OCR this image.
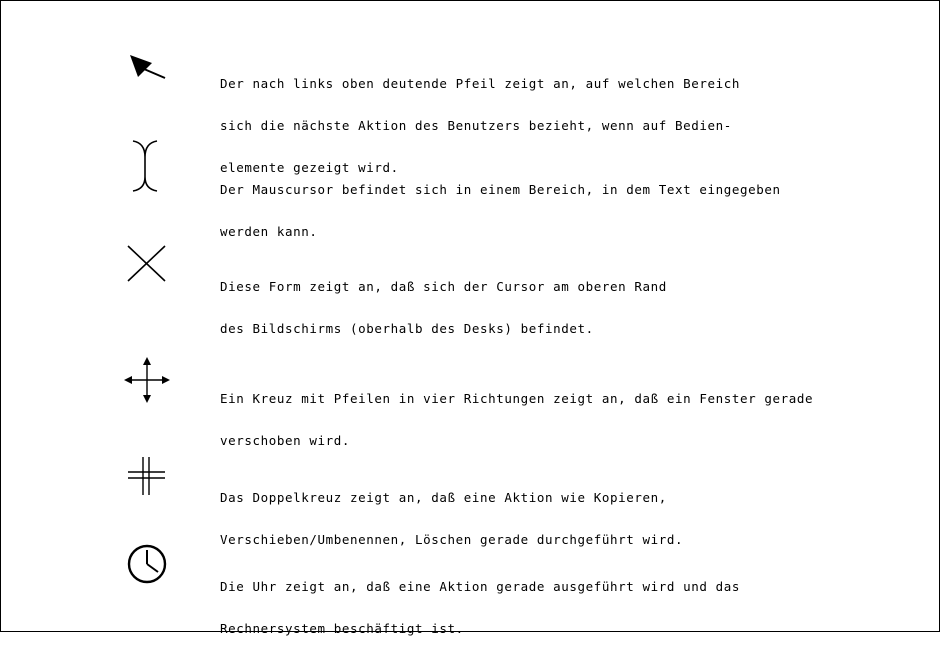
Der nach links oben deutende Pfeil zeigt an, auf welchen Bereich

sich die nächste Aktion des Benutzers bezieht, wenn auf Bedien-

elemente gezeigt wird.

Der Mauscursor befindet sich in einem Bereich, in dem Text eingegeben

werden kann.

Diese Form zeigt an, daß sich der Cursor am oberen Rand

des Bildschirms (oberhalb des Desks) befindet.

Ein Kreuz mit Pfeilen in vier Richtungen zeigt an, daß ein Fenster gerade

verschoben wird.

Das Doppelkreuz zeigt an, daß eine Aktion wie Kopieren,

Verschieben/Umbenennen, Löschen gerade durchgeführt wird.

Die Uhr zeigt an, daß eine Aktion gerade ausgeführt wird und das

Rechnersystem beschäftigt ist.
